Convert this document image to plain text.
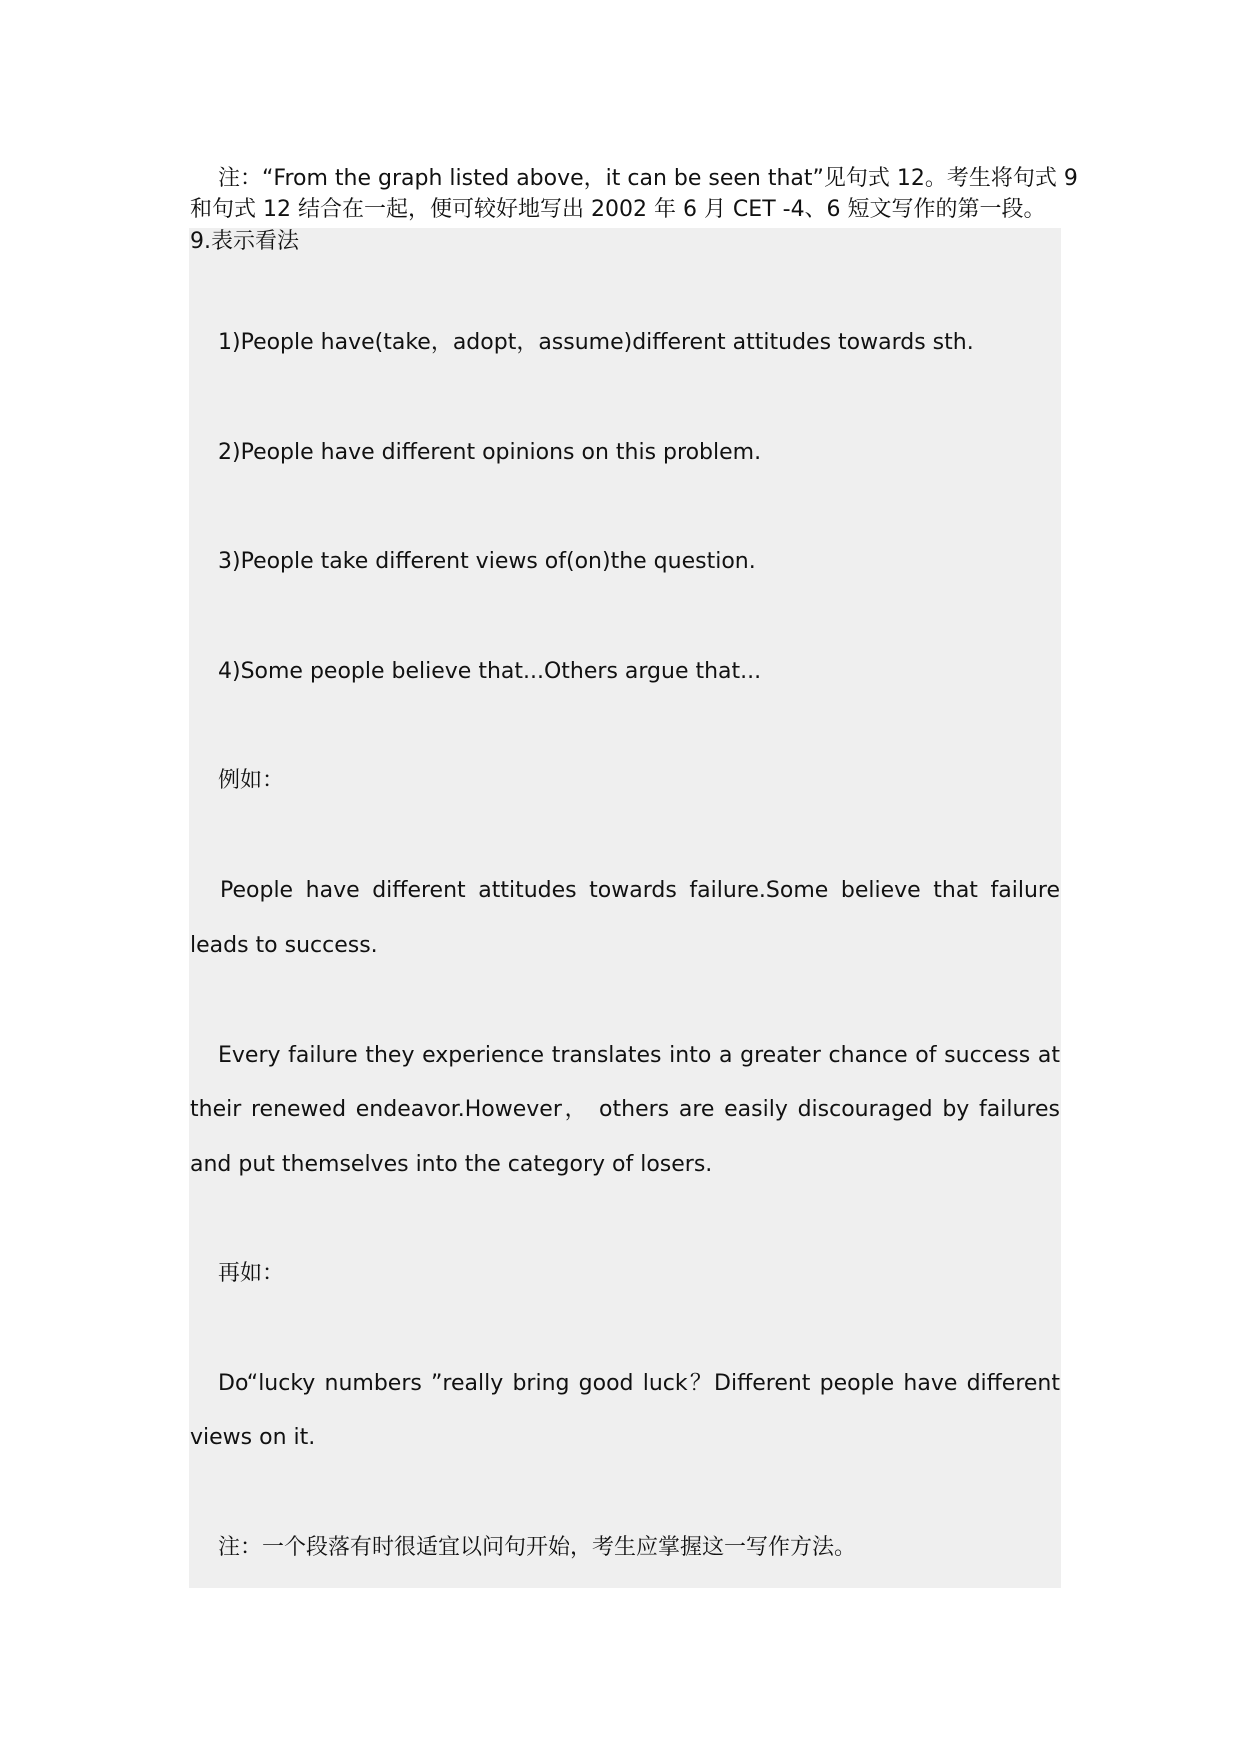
注：“From the graph listed above，it can be seen that”见句式 12。考生将句式 9
和句式 12 结合在一起，便可较好地写出 2002 年 6 月 CET -4、6 短文写作的第一段。
9.表示看法
1)People have(take，adopt，assume)different attitudes towards sth.
2)People have different opinions on this problem.
3)People take different views of(on)the question.
4)Some people believe that...Others argue that...
例如：
People have different attitudes towards failure.Some believe that failure
leads to success.
Every failure they experience translates into a greater chance of success at
their renewed endeavor.However， others are easily discouraged by failures
and put themselves into the category of losers.
再如：
Do“lucky numbers ”really bring good luck？Different people have different
views on it.
注：一个段落有时很适宜以问句开始，考生应掌握这一写作方法。
